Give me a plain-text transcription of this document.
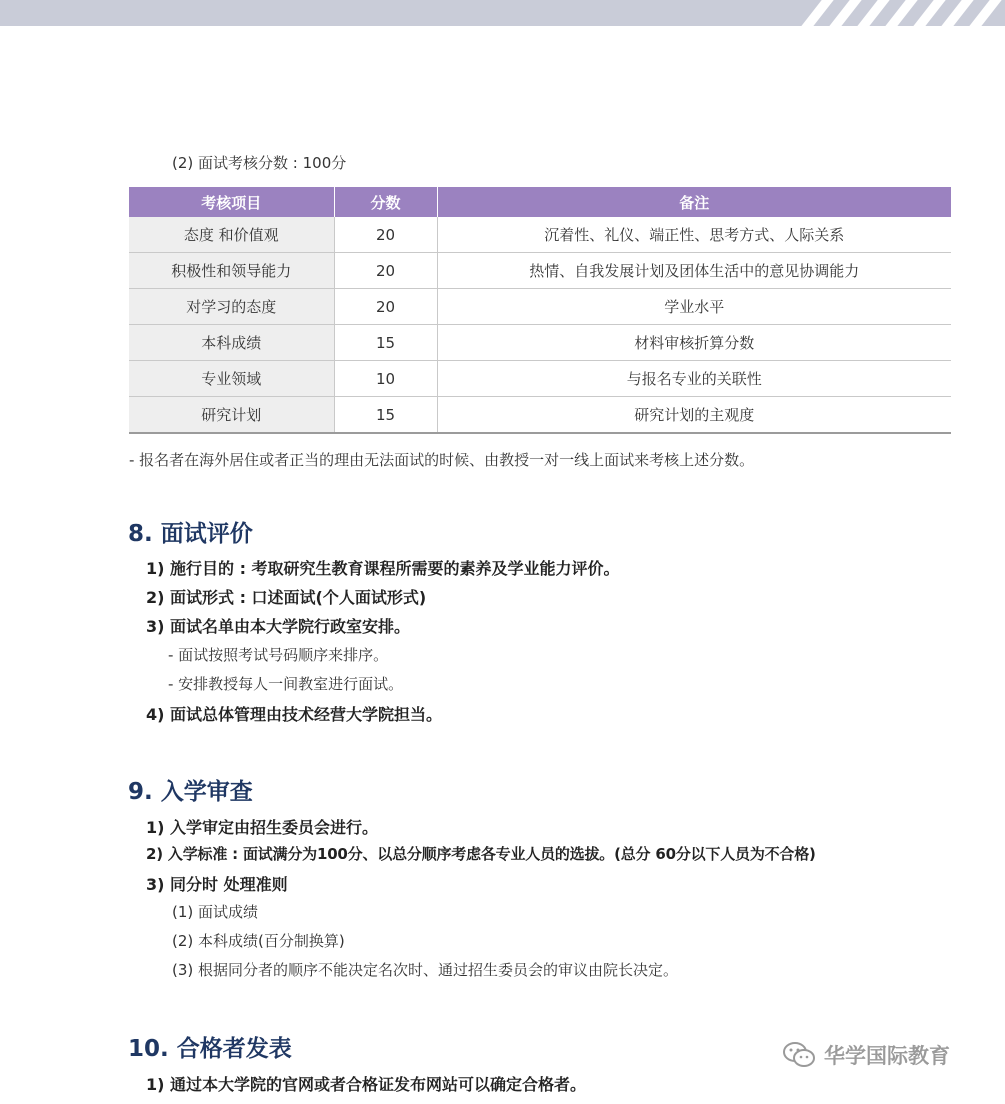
(2) 面试考核分数 : 100分
考核项目	分数	备注
态度 和价值观	20	沉着性、礼仪、端正性、思考方式、人际关系
积极性和领导能力	20	热情、自我发展计划及团体生活中的意见协调能力
对学习的态度	20	学业水平
本科成绩	15	材料审核折算分数
专业领域	10	与报名专业的关联性
研究计划	15	研究计划的主观度
- 报名者在海外居住或者正当的理由无法面试的时候、由教授一对一线上面试来考核上述分数。
8. 面试评价
1) 施行目的 : 考取研究生教育课程所需要的素养及学业能力评价。
2) 面试形式 : 口述面试(个人面试形式)
3) 面试名单由本大学院行政室安排。
- 面试按照考试号码顺序来排序。
- 安排教授每人一间教室进行面试。
4) 面试总体管理由技术经营大学院担当。
9. 入学审查
1) 入学审定由招生委员会进行。
2) 入学标准 : 面试满分为100分、以总分顺序考虑各专业人员的选拔。(总分 60分以下人员为不合格)
3) 同分时 处理准则
(1) 面试成绩
(2) 本科成绩(百分制换算)
(3) 根据同分者的顺序不能决定名次时、通过招生委员会的审议由院长决定。
10. 合格者发表
1) 通过本大学院的官网或者合格证发布网站可以确定合格者。
华学国际教育
